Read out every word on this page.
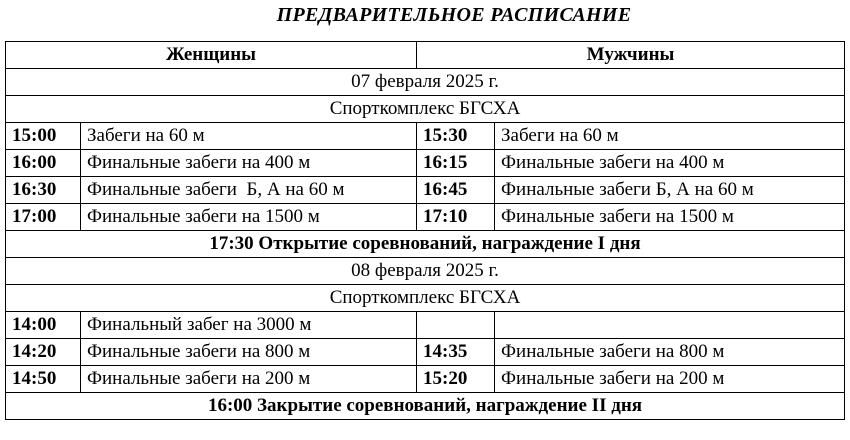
ПРЕДВАРИТЕЛЬНОЕ РАСПИСАНИЕ
Женщины		Мужчины	
07 февраля 2025 г.			
Спорткомплекс БГСХА			
15:00	Забеги на 60 м	15:30	Забеги на 60 м
16:00	Финальные забеги на 400 м	16:15	Финальные забеги на 400 м
16:30	Финальные забеги  Б, А на 60 м	16:45	Финальные забеги Б, А на 60 м
17:00	Финальные забеги на 1500 м	17:10	Финальные забеги на 1500 м
17:30 Открытие соревнований, награждение I дня			
08 февраля 2025 г.			
Спорткомплекс БГСХА			
14:00	Финальный забег на 3000 м		
14:20	Финальные забеги на 800 м	14:35	Финальные забеги на 800 м
14:50	Финальные забеги на 200 м	15:20	Финальные забеги на 200 м
16:00 Закрытие соревнований, награждение II дня			
